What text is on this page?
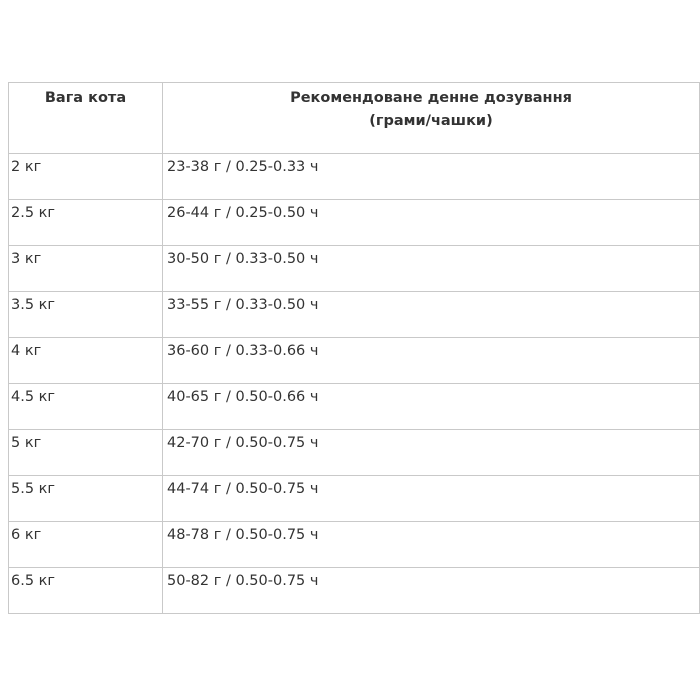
Вага кота	Рекомендоване денне дозування
(грами/чашки)

2 кг	23-38 г / 0.25-0.33 ч
2.5 кг	26-44 г / 0.25-0.50 ч
3 кг	30-50 г / 0.33-0.50 ч
3.5 кг	33-55 г / 0.33-0.50 ч
4 кг	36-60 г / 0.33-0.66 ч
4.5 кг	40-65 г / 0.50-0.66 ч
5 кг	42-70 г / 0.50-0.75 ч
5.5 кг	44-74 г / 0.50-0.75 ч
6 кг	48-78 г / 0.50-0.75 ч
6.5 кг	50-82 г / 0.50-0.75 ч
